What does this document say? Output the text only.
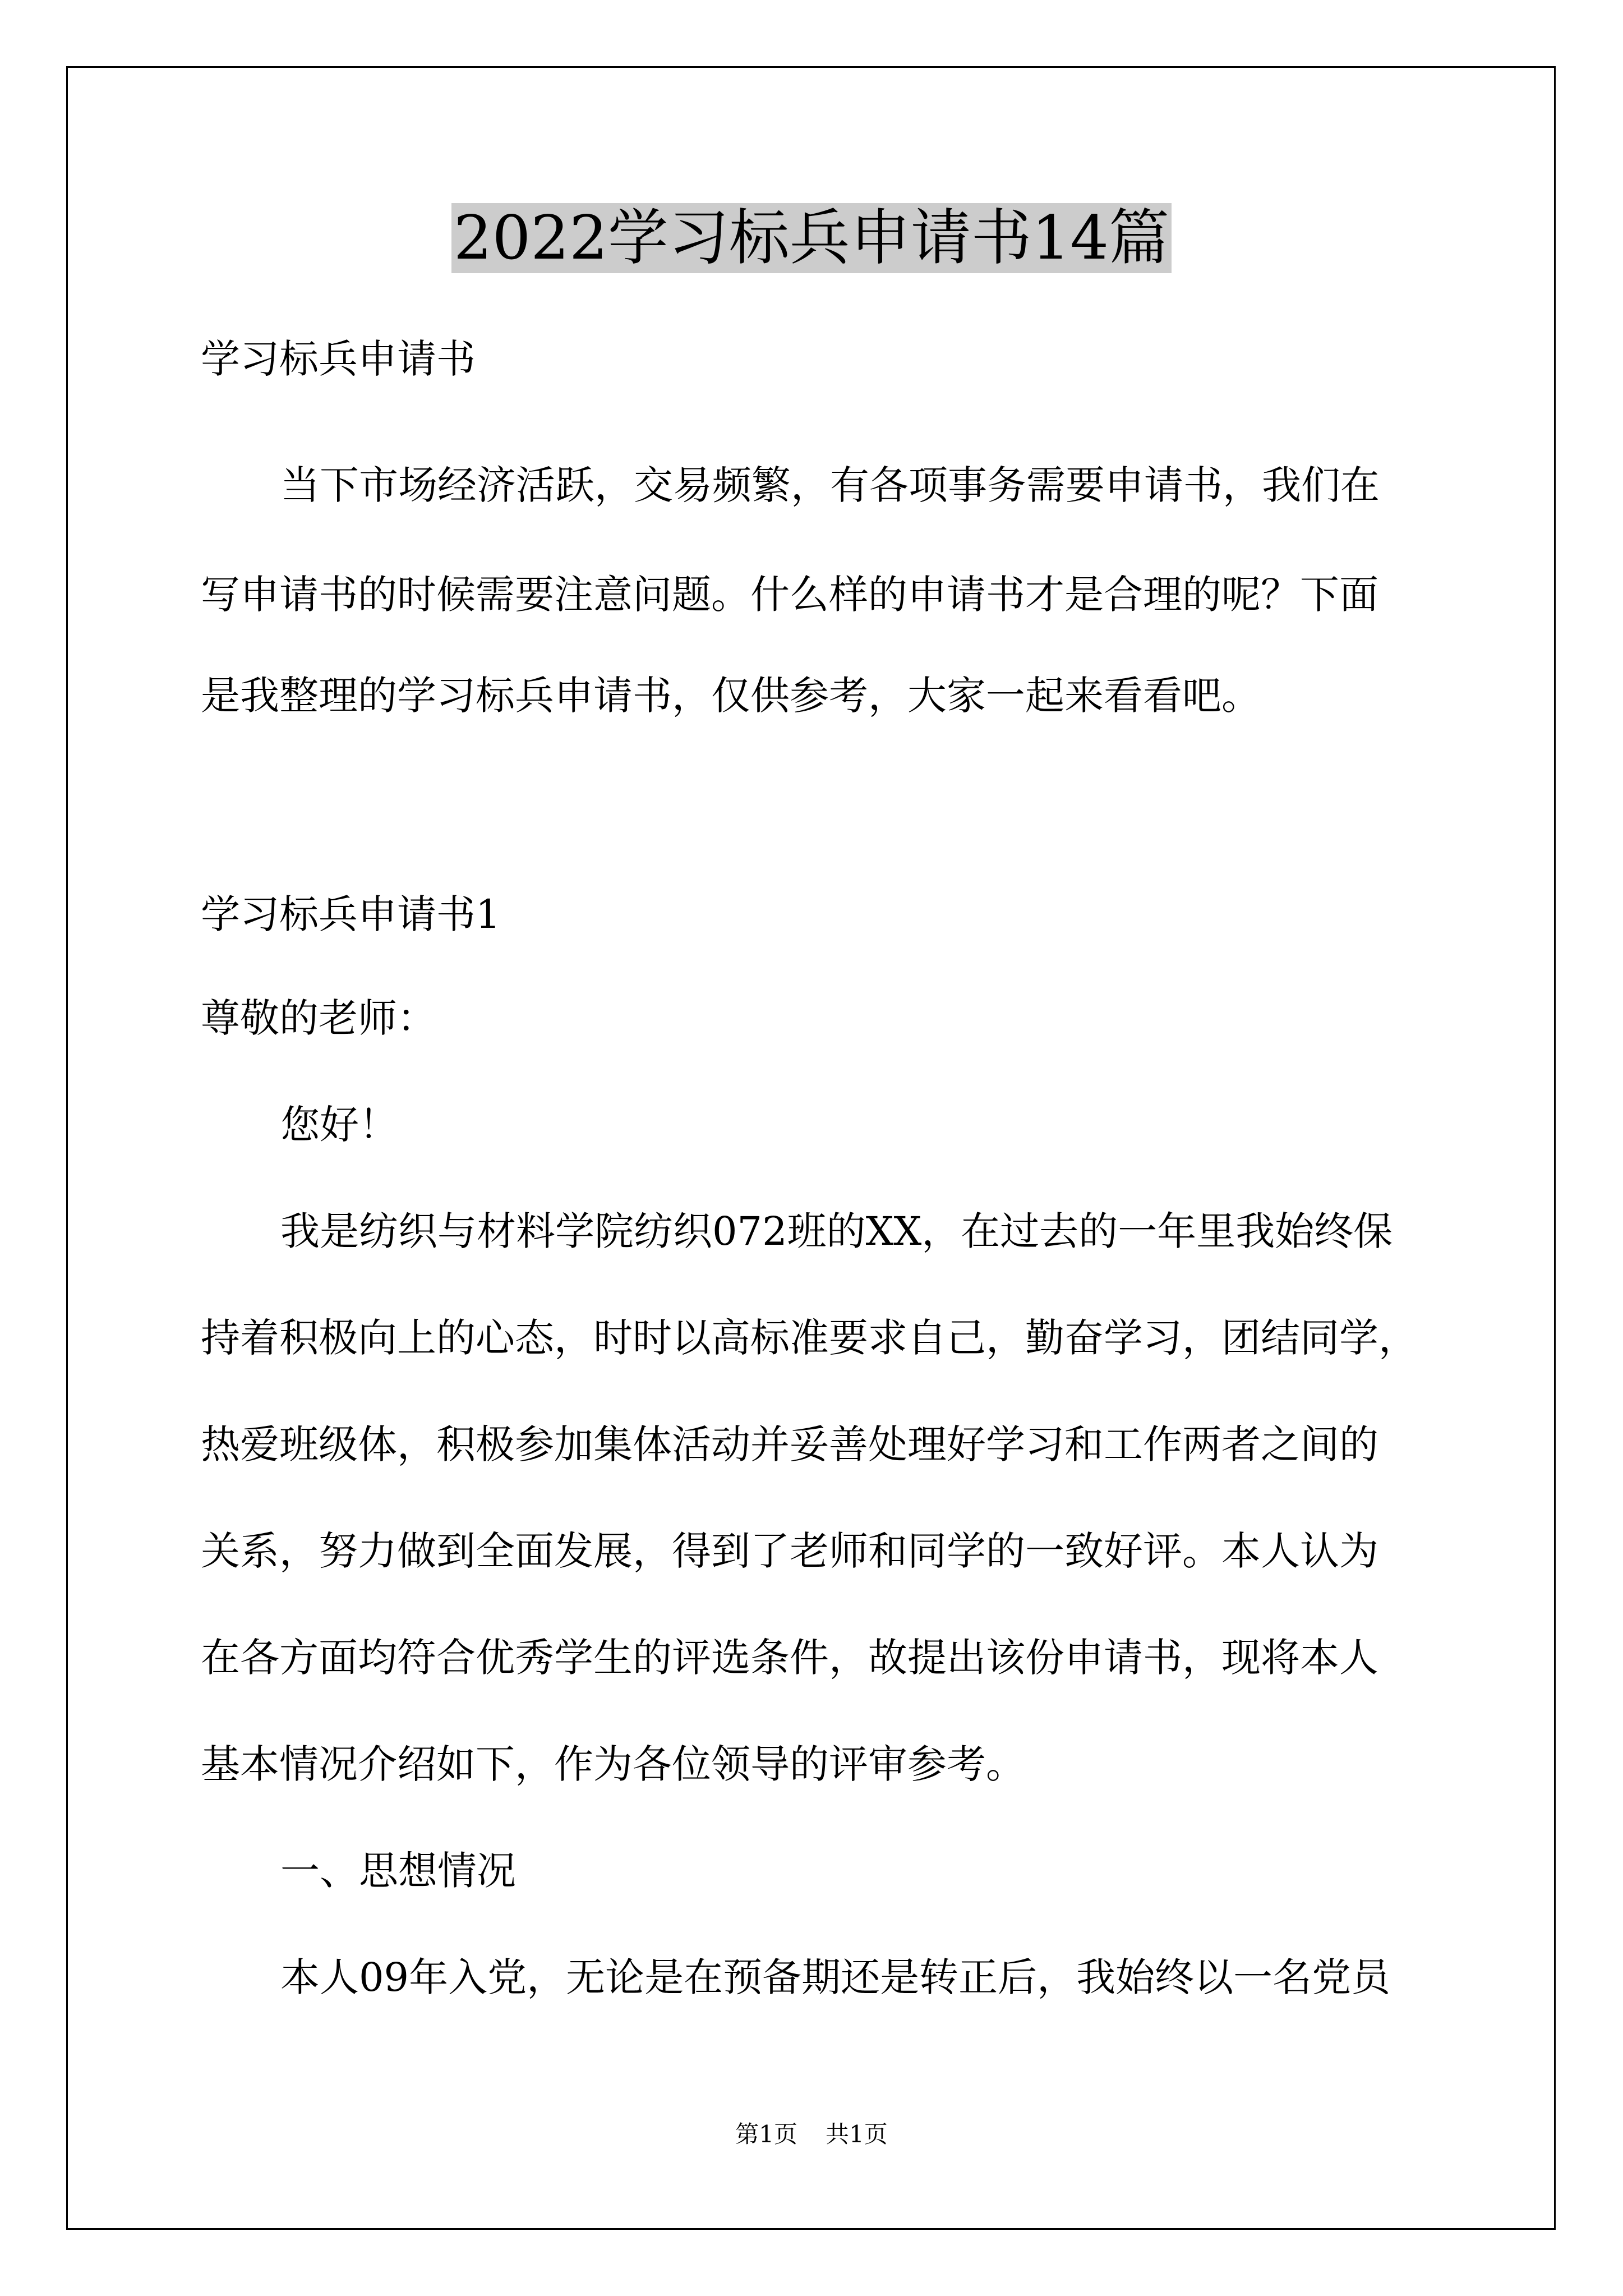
2022学习标兵申请书14篇
学习标兵申请书
当下市场经济活跃，交易频繁，有各项事务需要申请书，我们在
写申请书的时候需要注意问题。什么样的申请书才是合理的呢？下面
是我整理的学习标兵申请书，仅供参考，大家一起来看看吧。
学习标兵申请书1
尊敬的老师：
您好！
我是纺织与材料学院纺织072班的XX，在过去的一年里我始终保
持着积极向上的心态，时时以高标准要求自己，勤奋学习，团结同学，
热爱班级体，积极参加集体活动并妥善处理好学习和工作两者之间的
关系，努力做到全面发展，得到了老师和同学的一致好评。本人认为
在各方面均符合优秀学生的评选条件，故提出该份申请书，现将本人
基本情况介绍如下，作为各位领导的评审参考。
一、思想情况
本人09年入党，无论是在预备期还是转正后，我始终以一名党员
第1页 共1页
